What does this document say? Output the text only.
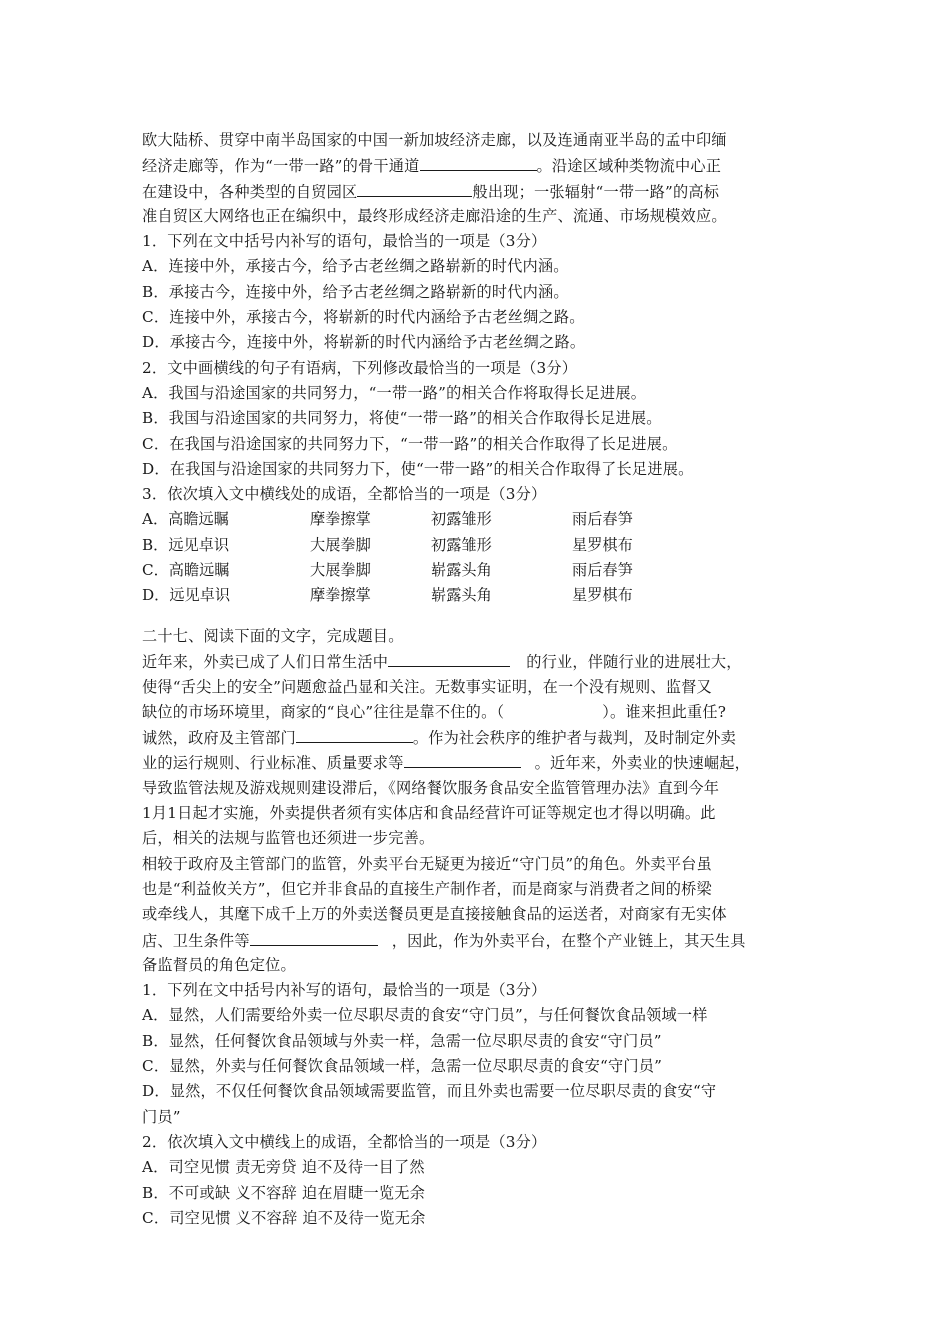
欧大陆桥、贯穿中南半岛国家的中国一新加坡经济走廊，以及连通南亚半岛的孟中印缅
经济走廊等，作为“一带一路”的骨干通道	。沿途区域种类物流中心正
在建设中，各种类型的自贸园区	般出现；一张辐射“一带一路”的高标
准自贸区大网络也正在编织中，最终形成经济走廊沿途的生产、流通、市场规模效应。
1．下列在文中括号内补写的语句，最恰当的一项是（3分）
A．连接中外，承接古今，给予古老丝绸之路崭新的时代内涵。
B．承接古今，连接中外，给予古老丝绸之路崭新的时代内涵。
C．连接中外，承接古今，将崭新的时代内涵给予古老丝绸之路。
D．承接古今，连接中外，将崭新的时代内涵给予古老丝绸之路。
2．文中画横线的句子有语病，下列修改最恰当的一项是（3分）
A．我国与沿途国家的共同努力，“一带一路”的相关合作将取得长足进展。
B．我国与沿途国家的共同努力，将使“一带一路”的相关合作取得长足进展。
C．在我国与沿途国家的共同努力下，“一带一路”的相关合作取得了长足进展。
D．在我国与沿途国家的共同努力下，使“一带一路”的相关合作取得了长足进展。
3．依次填入文中横线处的成语，全都恰当的一项是（3分）
A．高瞻远瞩	摩拳擦掌	初露雏形	雨后春笋
B．远见卓识	大展拳脚	初露雏形	星罗棋布
C．高瞻远瞩	大展拳脚	崭露头角	雨后春笋
D．远见卓识	摩拳擦掌	崭露头角	星罗棋布
二十七、阅读下面的文字，完成题目。
近年来，外卖已成了人们日常生活中	的行业，伴随行业的进展壮大，
使得“舌尖上的安全”问题愈益凸显和关注。无数事实证明，在一个没有规则、监督又
缺位的市场环境里，商家的“良心”往往是靠不住的。（	）。谁来担此重任?
诚然，政府及主管部门	。作为社会秩序的维护者与裁判，及时制定外卖
业的运行规则、行业标准、质量要求等	。近年来，外卖业的快速崛起，
导致监管法规及游戏规则建设滞后，《网络餐饮服务食品安全监管管理办法》直到今年
1月1日起才实施，外卖提供者须有实体店和食品经营许可证等规定也才得以明确。此
后，相关的法规与监管也还须进一步完善。
相较于政府及主管部门的监管，外卖平台无疑更为接近“守门员”的角色。外卖平台虽
也是“利益攸关方”，但它并非食品的直接生产制作者，而是商家与消费者之间的桥梁
或牵线人，其麾下成千上万的外卖送餐员更是直接接触食品的运送者，对商家有无实体
店、卫生条件等	，因此，作为外卖平台，在整个产业链上，其天生具
备监督员的角色定位。
1．下列在文中括号内补写的语句，最恰当的一项是（3分）
A．显然，人们需要给外卖一位尽职尽责的食安“守门员”，与任何餐饮食品领域一样
B．显然，任何餐饮食品领域与外卖一样，急需一位尽职尽责的食安“守门员”
C．显然，外卖与任何餐饮食品领域一样，急需一位尽职尽责的食安“守门员”
D．显然，不仅任何餐饮食品领域需要监管，而且外卖也需要一位尽职尽责的食安“守
门员”
2．依次填入文中横线上的成语，全都恰当的一项是（3分）
A．司空见惯 责无旁贷 迫不及待一目了然
B．不可或缺 义不容辞 迫在眉睫一览无余
C．司空见惯 义不容辞 迫不及待一览无余
